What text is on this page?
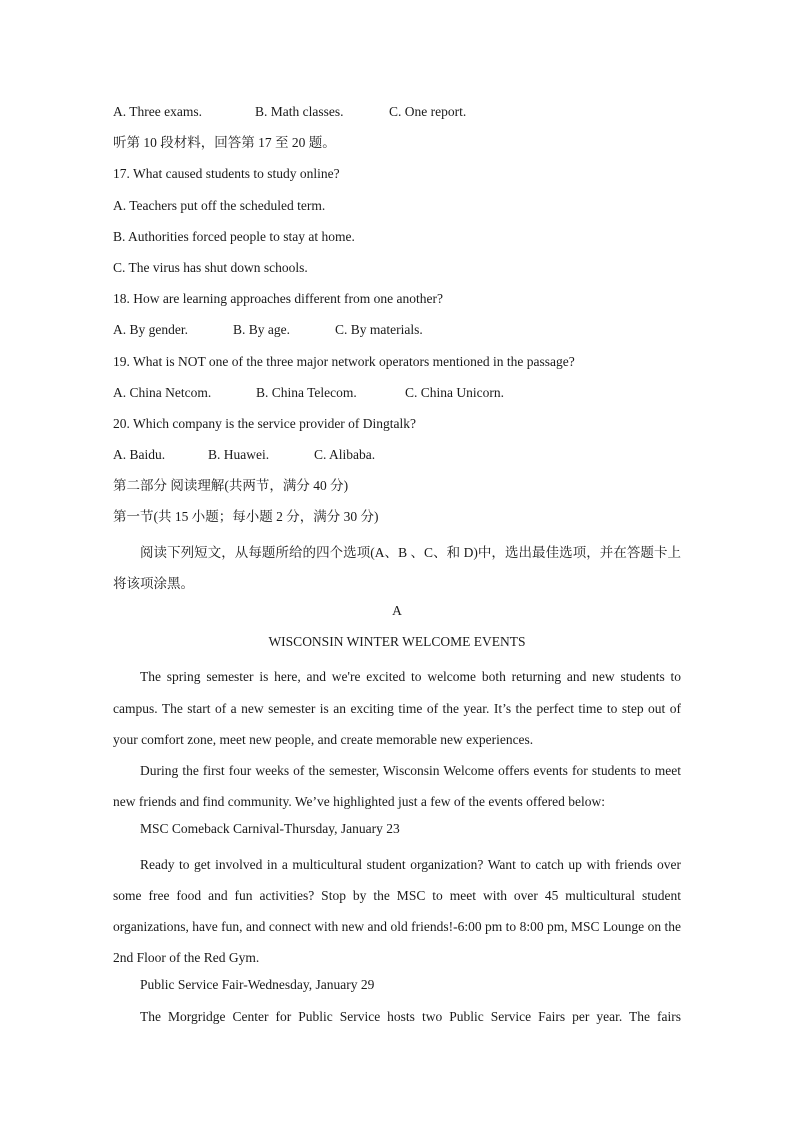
A. Three exams.	B. Math classes.	C. One report.
听第 10 段材料，回答第 17 至 20 题。
17. What caused students to study online?
A. Teachers put off the scheduled term.
B. Authorities forced people to stay at home.
C. The virus has shut down schools.
18. How are learning approaches different from one another?
A. By gender.	B. By age.	C. By materials.
19. What is NOT one of the three major network operators mentioned in the passage?
A. China Netcom.	B. China Telecom.	C. China Unicorn.
20. Which company is the service provider of Dingtalk?
A. Baidu.	B. Huawei.	C. Alibaba.
第二部分 阅读理解(共两节，满分 40 分)
第一节(共 15 小题；每小题 2 分，满分 30 分)
阅读下列短文，从每题所给的四个选项(A、B 、C、和 D)中，选出最佳选项，并在答题卡上将该项涂黑。
A
WISCONSIN WINTER WELCOME EVENTS
The spring semester is here, and we're excited to welcome both returning and new students to campus. The start of a new semester is an exciting time of the year. It’s the perfect time to step out of your comfort zone, meet new people, and create memorable new experiences.
During the first four weeks of the semester, Wisconsin Welcome offers events for students to meet new friends and find community. We’ve highlighted just a few of the events offered below:
MSC Comeback Carnival-Thursday, January 23
Ready to get involved in a multicultural student organization? Want to catch up with friends over some free food and fun activities? Stop by the MSC to meet with over 45 multicultural student organizations, have fun, and connect with new and old friends!-6:00 pm to 8:00 pm, MSC Lounge on the 2nd Floor of the Red Gym.
Public Service Fair-Wednesday, January 29
The Morgridge Center for Public Service hosts two Public Service Fairs per year. The fairs
